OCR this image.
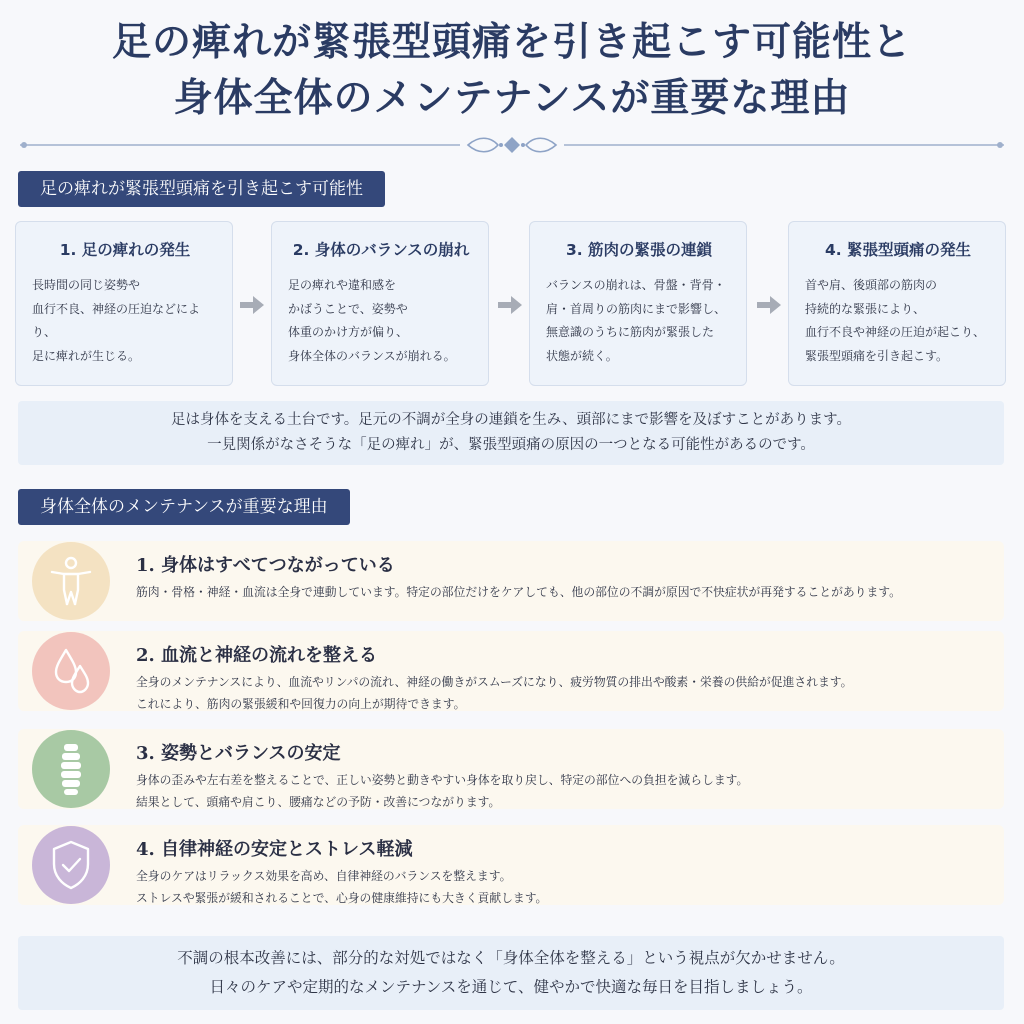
足の痺れが緊張型頭痛を引き起こす可能性と
身体全体のメンテナンスが重要な理由
足の痺れが緊張型頭痛を引き起こす可能性
1. 足の痺れの発生
長時間の同じ姿勢や
血行不良、神経の圧迫などにより、
足に痺れが生じる。
2. 身体のバランスの崩れ
足の痺れや違和感を
かばうことで、姿勢や
体重のかけ方が偏り、
身体全体のバランスが崩れる。
3. 筋肉の緊張の連鎖
バランスの崩れは、骨盤・背骨・
肩・首周りの筋肉にまで影響し、
無意識のうちに筋肉が緊張した
状態が続く。
4. 緊張型頭痛の発生
首や肩、後頭部の筋肉の
持続的な緊張により、
血行不良や神経の圧迫が起こり、
緊張型頭痛を引き起こす。
足は身体を支える土台です。足元の不調が全身の連鎖を生み、頭部にまで影響を及ぼすことがあります。
一見関係がなさそうな「足の痺れ」が、緊張型頭痛の原因の一つとなる可能性があるのです。
身体全体のメンテナンスが重要な理由
1. 身体はすべてつながっている
筋肉・骨格・神経・血流は全身で連動しています。特定の部位だけをケアしても、他の部位の不調が原因で不快症状が再発することがあります。
2. 血流と神経の流れを整える
全身のメンテナンスにより、血流やリンパの流れ、神経の働きがスムーズになり、疲労物質の排出や酸素・栄養の供給が促進されます。
これにより、筋肉の緊張緩和や回復力の向上が期待できます。
3. 姿勢とバランスの安定
身体の歪みや左右差を整えることで、正しい姿勢と動きやすい身体を取り戻し、特定の部位への負担を減らします。
結果として、頭痛や肩こり、腰痛などの予防・改善につながります。
4. 自律神経の安定とストレス軽減
全身のケアはリラックス効果を高め、自律神経のバランスを整えます。
ストレスや緊張が緩和されることで、心身の健康維持にも大きく貢献します。
不調の根本改善には、部分的な対処ではなく「身体全体を整える」という視点が欠かせません。
日々のケアや定期的なメンテナンスを通じて、健やかで快適な毎日を目指しましょう。
